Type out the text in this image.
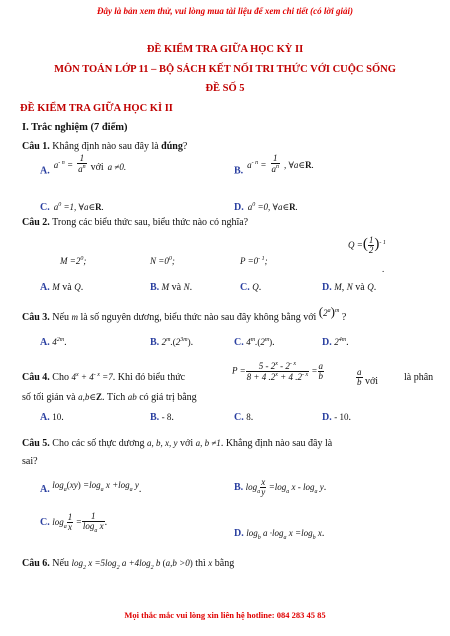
Đây là bản xem thử, vui lòng mua tài liệu để xem chi tiết (có lời giải)
ĐỀ KIỂM TRA GIỮA HỌC KỲ II
MÔN TOÁN LỚP 11 – BỘ SÁCH KẾT NỐI TRI THỨC VỚI CUỘC SỐNG
ĐỀ SỐ 5
ĐỀ KIỂM TRA GIỮA HỌC KÌ II
I. Trắc nghiệm (7 điểm)
Câu 1. Khẳng định nào sau đây là đúng?
A. $^{a^{- n} =} \frac{1}{a^n} ^{với}$ $^{a \ne 0.}$	B. $^{a^{- n} =} \frac{1}{a^n} ^{, \forall a\in R.}$
C. $a^0 =1$, ∀a∈R.	D. $a^0 =0$, ∀a∈R.
Câu 2. Trong các biểu thức sau, biểu thức nào có nghĩa?
Q =( $\frac{1}{2} )^{- 1}$
$M =2^0$;	$N =0^0$;	$P =0^{- 1}$;
.
A. M và Q.	B. M và N.	C. Q.	D. M, N và Q.
Câu 3. Nếu m là số nguyên dương, biểu thức nào sau đây không bằng với $(2^a)^m$ ?
A. $4^{2m}$.	B. $2^m.(2^{3m})$.	C. 4$^m$.(2$^m$).	D. $2^{4m}$.
Câu 4. Cho $4^x + 4^{- x} =7$. Khi đó biểu thức
$P = \frac{5 - 2^x - 2^{- x}}{8 + 4 .2^x + 4 .2^{- x}} = \frac{a}{b}$	$\frac{a}{b}$ với	là phân
số tối giản và a,b∈Z. Tích ab có giá trị bằng
A. 10.	B. - 8.	C. 8.	D. - 10.
Câu 5. Cho các số thực dương a, b, x, y với a, b ≠1. Khẳng định nào sau đây là
sai?
A. $\log_a(xy) =\log_a$ $x +\log_a$ y.	B. $\log_a \frac{x}{y} =\log_a$ x - $\log_a y$.
C. $\log_a \frac{1}{x} = \frac{1}{\log_a x}$ .
D. $\log_b a \cdot\log_a$ $x =\log_b$ x.
Câu 6. Nếu $\log_2 x =5\log_2$ $a +4\log_2$ b (a,b >0) thì x bằng
Mọi thắc mắc vui lòng xin liên hệ hotline: 084 283 45 85
